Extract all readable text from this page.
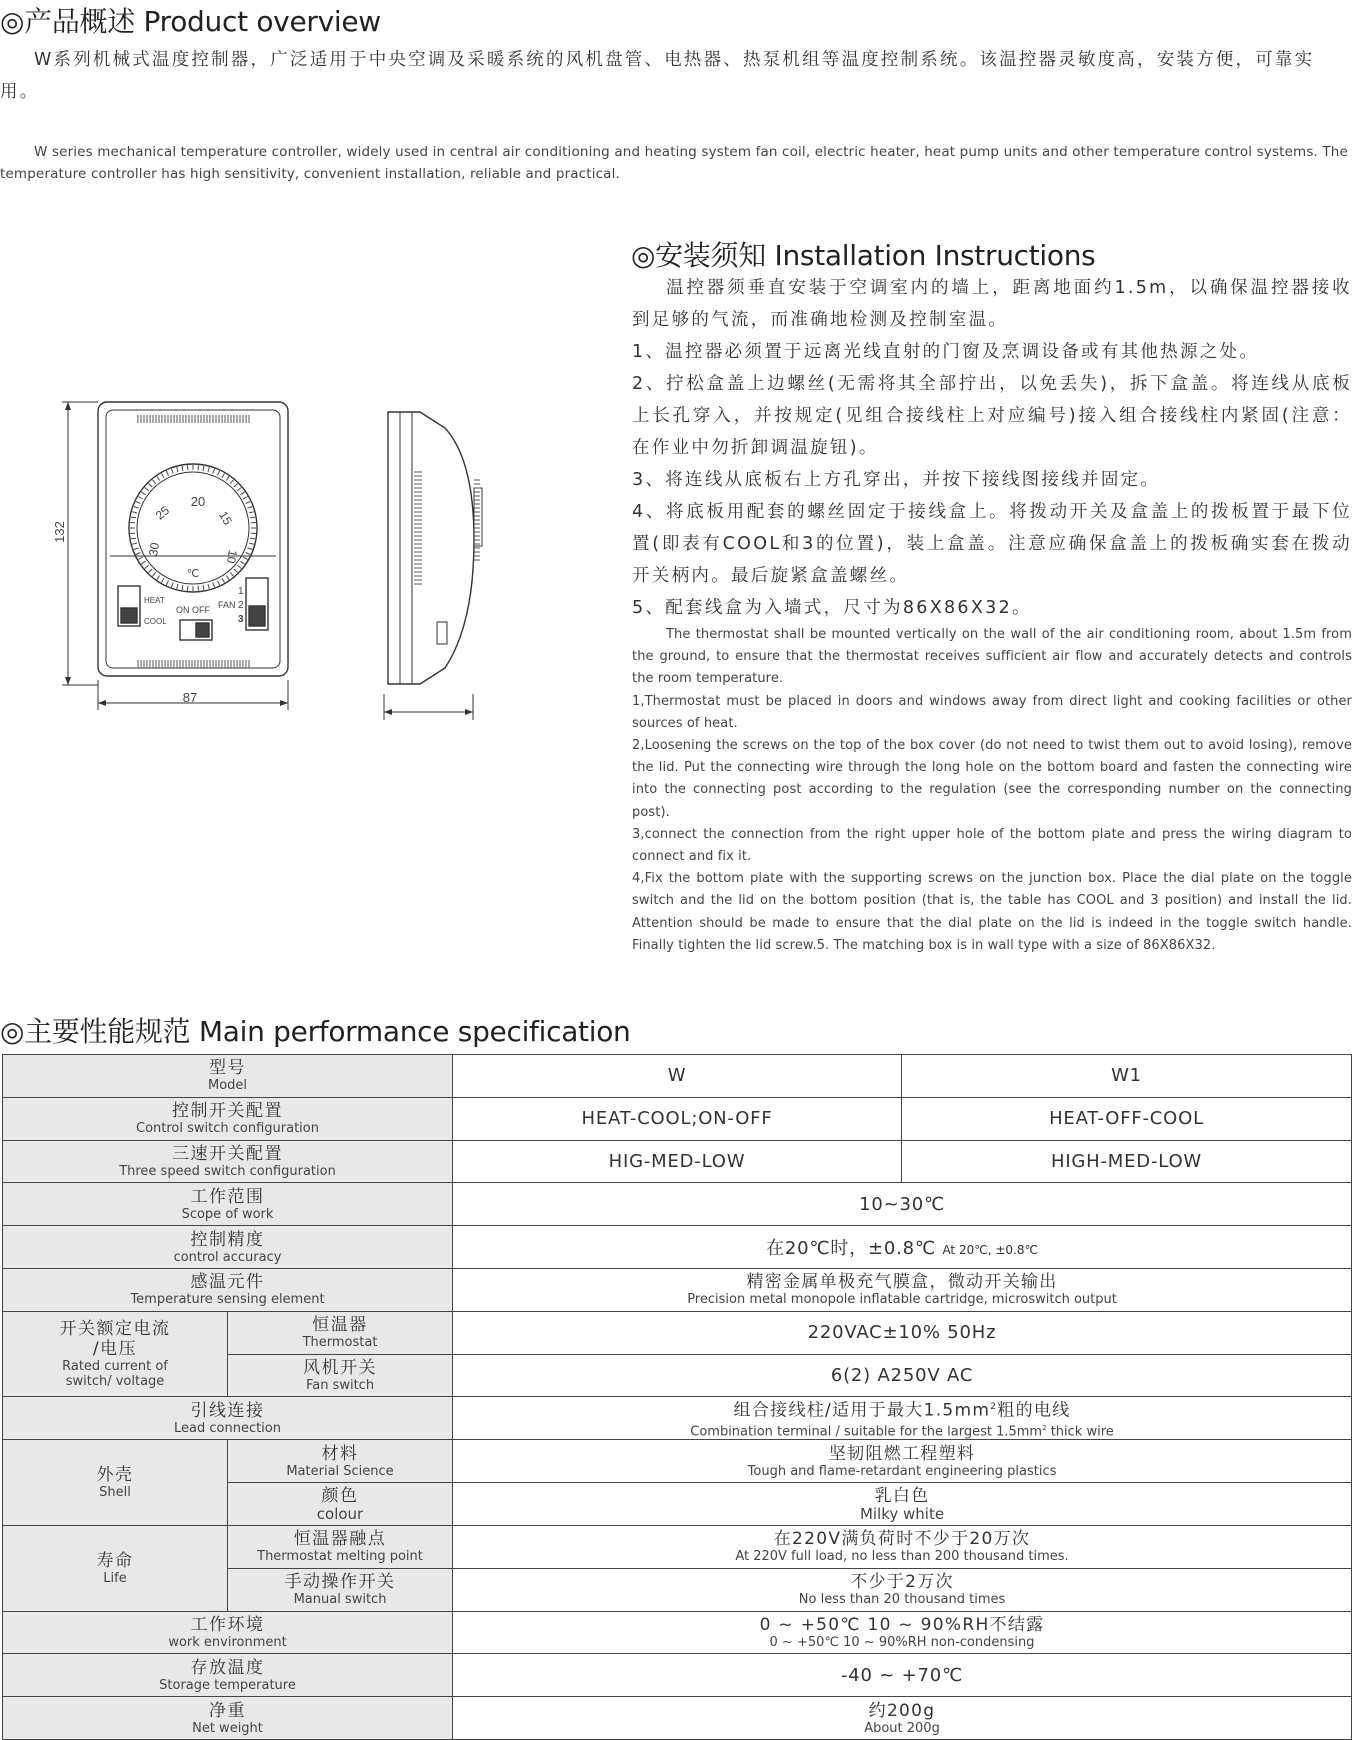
◎产品概述 Product overview
W系列机械式温度控制器，广泛适用于中央空调及采暖系统的风机盘管、电热器、热泵机组等温度控制系统。该温控器灵敏度高，安装方便，可靠实用。
W series mechanical temperature controller, widely used in central air conditioning and heating system fan coil, electric heater, heat pump units and other temperature control systems. The temperature controller has high sensitivity, convenient installation, reliable and practical.
20
15
10
25
30
℃
HEAT
COOL
ON OFF FAN
1
2
3
132
87
◎安装须知 Installation Instructions

温控器须垂直安装于空调室内的墙上，距离地面约1.5m，以确保温控器接收到足够的气流，而准确地检测及控制室温。

1、温控器必须置于远离光线直射的门窗及烹调设备或有其他热源之处。

2、拧松盒盖上边螺丝(无需将其全部拧出，以免丢失)，拆下盒盖。将连线从底板上长孔穿入，并按规定(见组合接线柱上对应编号)接入组合接线柱内紧固(注意：在作业中勿折卸调温旋钮)。

3、将连线从底板右上方孔穿出，并按下接线图接线并固定。

4、将底板用配套的螺丝固定于接线盒上。将拨动开关及盒盖上的拨板置于最下位置(即表有COOL和3的位置)，装上盒盖。注意应确保盒盖上的拨板确实套在拨动开关柄内。最后旋紧盒盖螺丝。

5、配套线盒为入墙式，尺寸为86X86X32。

The thermostat shall be mounted vertically on the wall of the air conditioning room, about 1.5m from the ground, to ensure that the thermostat receives sufficient air flow and accurately detects and controls the room temperature.

1,Thermostat must be placed in doors and windows away from direct light and cooking facilities or other sources of heat.

2,Loosening the screws on the top of the box cover (do not need to twist them out to avoid losing), remove the lid. Put the connecting wire through the long hole on the bottom board and fasten the connecting wire into the connecting post according to the regulation (see the corresponding number on the connecting post).

3,connect the connection from the right upper hole of the bottom plate and press the wiring diagram to connect and fix it.

4,Fix the bottom plate with the supporting screws on the junction box. Place the dial plate on the toggle switch and the lid on the bottom position (that is, the table has COOL and 3 position) and install the lid. Attention should be made to ensure that the dial plate on the lid is indeed in the toggle switch handle. Finally tighten the lid screw.5. The matching box is in wall type with a size of 86X86X32.

◎主要性能规范 Main performance specification
型号
Model		W	W1

控制开关配置
Control switch configuration		HEAT-COOL;ON-OFF	HEAT-OFF-COOL

三速开关配置
Three speed switch configuration		HIG-MED-LOW	HIGH-MED-LOW

工作范围
Scope of work		10~30℃	

控制精度
control accuracy		在20℃时，±0.8℃ At 20℃, ±0.8℃	

感温元件
Temperature sensing element		精密金属单极充气膜盒，微动开关输出
Precision metal monopole inflatable cartridge, microswitch output	

开关额定电流
/电压
Rated current of
switch/ voltage	恒温器
Thermostat	220VAC±10% 50Hz	

	风机开关
Fan switch	6(2) A250V AC	

引线连接
Lead connection		组合接线柱/适用于最大$1.5mm^2$粗的电线
Combination terminal / suitable for the largest $1.5mm^2$ thick wire	

外壳
Shell	材料
Material Science	坚韧阻燃工程塑料
Tough and flame-retardant engineering plastics	

	颜色
colour	乳白色
Milky white	

寿命
Life	恒温器融点
Thermostat melting point	在220V满负荷时不少于20万次
At 220V full load, no less than 200 thousand times.	

	手动操作开关
Manual switch	不少于2万次
No less than 20 thousand times	

工作环境
work environment		0 ~ +50℃ 10 ~ 90%RH不结露
0 ~ +50℃ 10 ~ 90%RH non-condensing	

存放温度
Storage temperature		-40 ~ +70℃	

净重
Net weight		约200g
About 200g	
